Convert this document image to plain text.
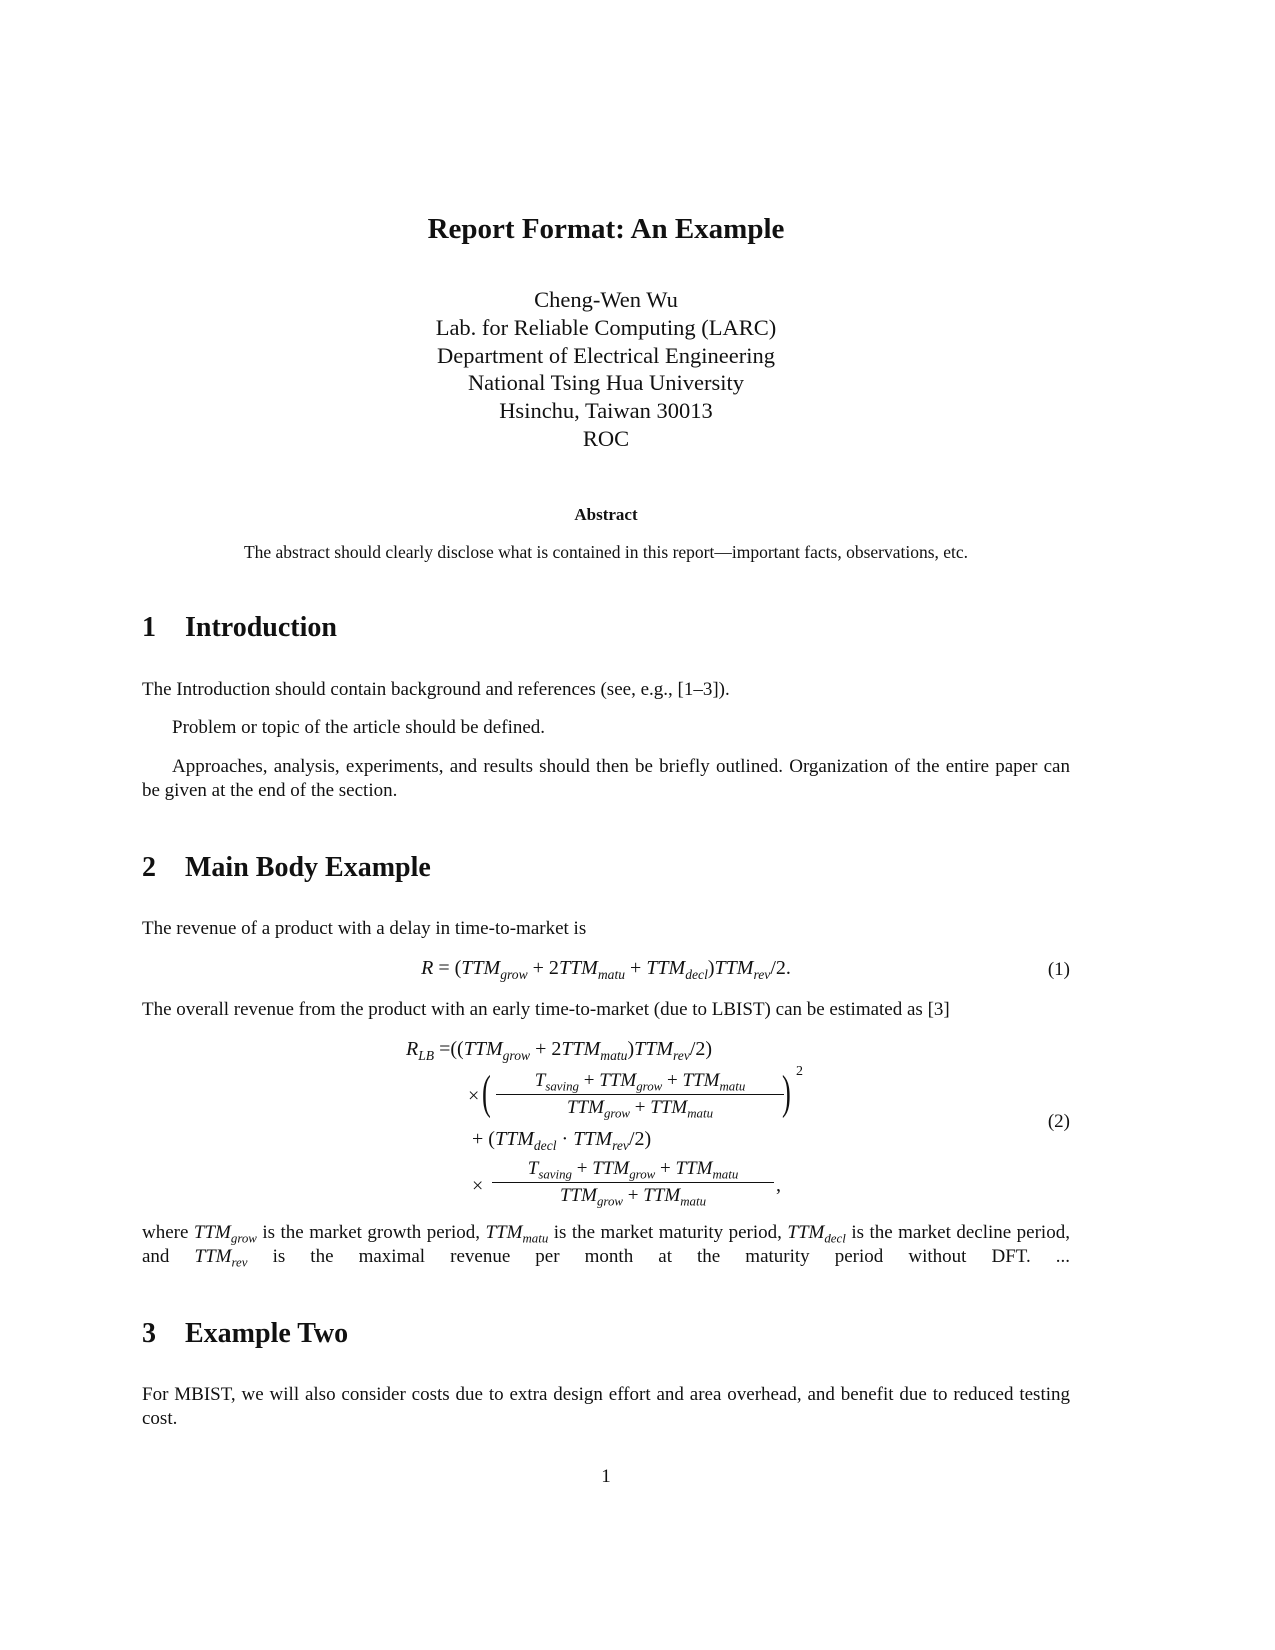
Report Format: An Example
Cheng-Wen Wu
Lab. for Reliable Computing (LARC)
Department of Electrical Engineering
National Tsing Hua University
Hsinchu, Taiwan 30013
ROC
Abstract
The abstract should clearly disclose what is contained in this report—important facts, observations, etc.
1 Introduction
The Introduction should contain background and references (see, e.g., [1–3]).
Problem or topic of the article should be defined.
Approaches, analysis, experiments, and results should then be briefly outlined. Organization of the entire paper can be given at the end of the section.
2 Main Body Example
The revenue of a product with a delay in time-to-market is
$R = (TTM_{grow} + 2TTM_{matu} + TTM_{decl})TTM_{rev}/2$.	(1)
The overall revenue from the product with an early time-to-market (due to LBIST) can be estimated as [3]
$R_{LB} =((TTM_{grow} + 2TTM_{matu})TTM_{rev}/2)$
× (	$T_{saving} + TTM_{grow} + TTM_{matu}$
$TTM_{grow} + TTM_{matu}$	) 2
+ $(TTM_{decl} \cdot TTM_{rev}/2)$
×
$T_{saving} + TTM_{grow} + TTM_{matu}$
$TTM_{grow} + TTM_{matu}$
,
(2)
where $TTM_{grow}$ is the market growth period, $TTM_{matu}$ is the market maturity period, $TTM_{decl}$ is the market decline period, and $TTM_{rev}$ is the maximal revenue per month at the maturity period without DFT. ...
3 Example Two
For MBIST, we will also consider costs due to extra design effort and area overhead, and benefit due to reduced testing cost.
1
